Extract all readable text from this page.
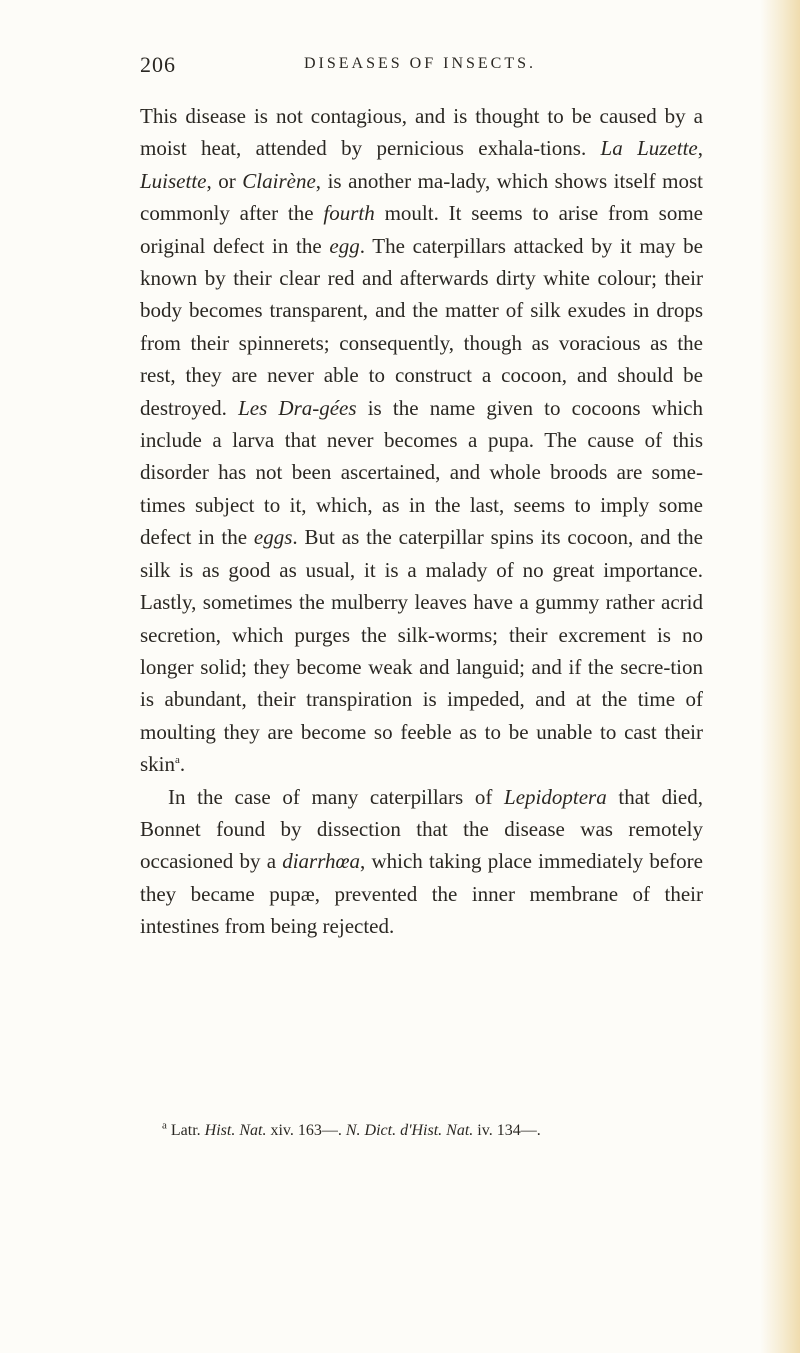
206	DISEASES OF INSECTS.

This disease is not contagious, and is thought to be caused by a moist heat, attended by pernicious exhala-tions. La Luzette, Luisette, or Clairène, is another ma-lady, which shows itself most commonly after the fourth moult. It seems to arise from some original defect in the egg. The caterpillars attacked by it may be known by their clear red and afterwards dirty white colour; their body becomes transparent, and the matter of silk exudes in drops from their spinnerets; consequently, though as voracious as the rest, they are never able to construct a cocoon, and should be destroyed. Les Dra-gées is the name given to cocoons which include a larva that never becomes a pupa. The cause of this disorder has not been ascertained, and whole broods are some-times subject to it, which, as in the last, seems to imply some defect in the eggs. But as the caterpillar spins its cocoon, and the silk is as good as usual, it is a malady of no great importance. Lastly, sometimes the mulberry leaves have a gummy rather acrid secretion, which purges the silk-worms; their excrement is no longer solid; they become weak and languid; and if the secre-tion is abundant, their transpiration is impeded, and at the time of moulting they are become so feeble as to be unable to cast their skin$^a$.

In the case of many caterpillars of Lepidoptera that died, Bonnet found by dissection that the disease was remotely occasioned by a diarrhœa, which taking place immediately before they became pupæ, prevented the inner membrane of their intestines from being rejected.

$^a$ Latr. Hist. Nat. xiv. 163—. N. Dict. d'Hist. Nat. iv. 134—.
